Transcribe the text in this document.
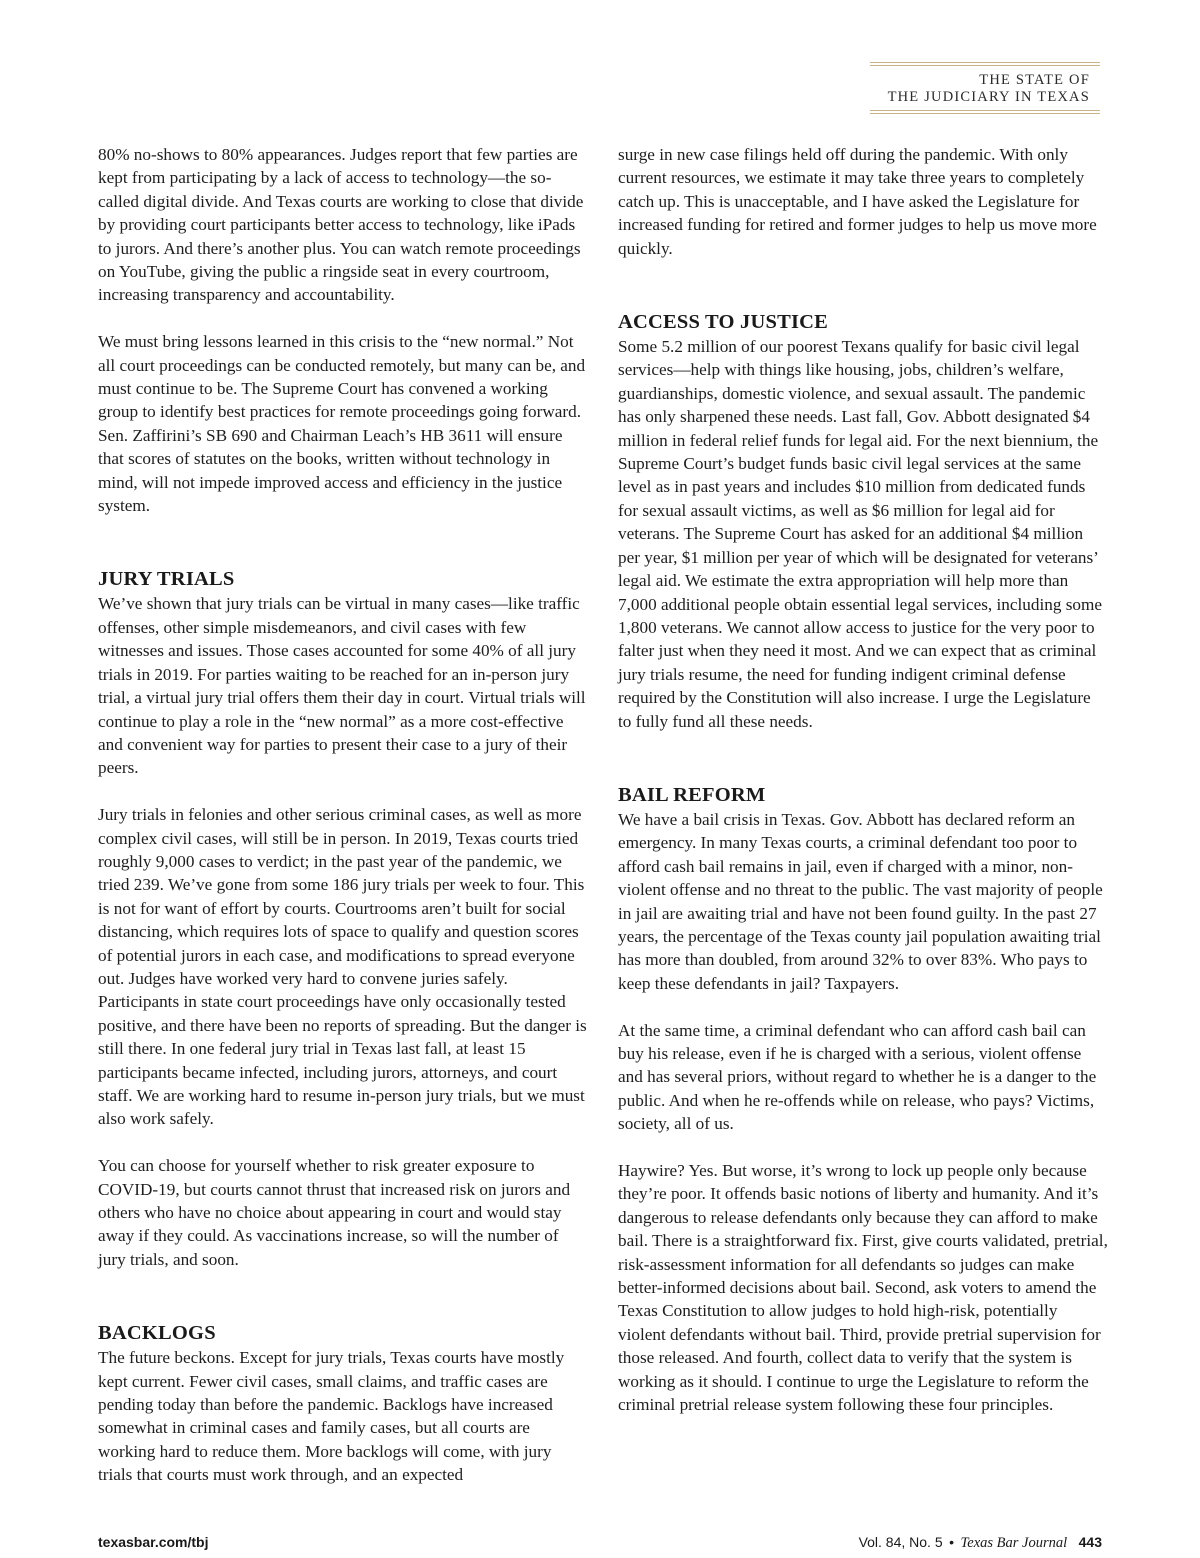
THE STATE OF
THE JUDICIARY IN TEXAS

80% no-shows to 80% appearances. Judges report that few parties are kept from participating by a lack of access to technology—the so-called digital divide. And Texas courts are working to close that divide by providing court participants better access to technology, like iPads to jurors. And there’s another plus. You can watch remote proceedings on YouTube, giving the public a ringside seat in every courtroom, increasing transparency and accountability.

We must bring lessons learned in this crisis to the “new normal.” Not all court proceedings can be conducted remotely, but many can be, and must continue to be. The Supreme Court has convened a working group to identify best practices for remote proceedings going forward. Sen. Zaffirini’s SB 690 and Chairman Leach’s HB 3611 will ensure that scores of statutes on the books, written without technology in mind, will not impede improved access and efficiency in the justice system.

JURY TRIALS

We’ve shown that jury trials can be virtual in many cases—like traffic offenses, other simple misdemeanors, and civil cases with few witnesses and issues. Those cases accounted for some 40% of all jury trials in 2019. For parties waiting to be reached for an in-person jury trial, a virtual jury trial offers them their day in court. Virtual trials will continue to play a role in the “new normal” as a more cost-effective and convenient way for parties to present their case to a jury of their peers.

Jury trials in felonies and other serious criminal cases, as well as more complex civil cases, will still be in person. In 2019, Texas courts tried roughly 9,000 cases to verdict; in the past year of the pandemic, we tried 239. We’ve gone from some 186 jury trials per week to four. This is not for want of effort by courts. Courtrooms aren’t built for social distancing, which requires lots of space to qualify and question scores of potential jurors in each case, and modifications to spread everyone out. Judges have worked very hard to convene juries safely. Participants in state court proceedings have only occasionally tested positive, and there have been no reports of spreading. But the danger is still there. In one federal jury trial in Texas last fall, at least 15 participants became infected, including jurors, attorneys, and court staff. We are working hard to resume in-person jury trials, but we must also work safely.

You can choose for yourself whether to risk greater exposure to COVID-19, but courts cannot thrust that increased risk on jurors and others who have no choice about appearing in court and would stay away if they could. As vaccinations increase, so will the number of jury trials, and soon.

BACKLOGS

The future beckons. Except for jury trials, Texas courts have mostly kept current. Fewer civil cases, small claims, and traffic cases are pending today than before the pandemic. Backlogs have increased somewhat in criminal cases and family cases, but all courts are working hard to reduce them. More backlogs will come, with jury trials that courts must work through, and an expected

surge in new case filings held off during the pandemic. With only current resources, we estimate it may take three years to completely catch up. This is unacceptable, and I have asked the Legislature for increased funding for retired and former judges to help us move more quickly.

ACCESS TO JUSTICE

Some 5.2 million of our poorest Texans qualify for basic civil legal services—help with things like housing, jobs, children’s welfare, guardianships, domestic violence, and sexual assault. The pandemic has only sharpened these needs. Last fall, Gov. Abbott designated $4 million in federal relief funds for legal aid. For the next biennium, the Supreme Court’s budget funds basic civil legal services at the same level as in past years and includes $10 million from dedicated funds for sexual assault victims, as well as $6 million for legal aid for veterans. The Supreme Court has asked for an additional $4 million per year, $1 million per year of which will be designated for veterans’ legal aid. We estimate the extra appropriation will help more than 7,000 additional people obtain essential legal services, including some 1,800 veterans. We cannot allow access to justice for the very poor to falter just when they need it most. And we can expect that as criminal jury trials resume, the need for funding indigent criminal defense required by the Constitution will also increase. I urge the Legislature to fully fund all these needs.

BAIL REFORM

We have a bail crisis in Texas. Gov. Abbott has declared reform an emergency. In many Texas courts, a criminal defendant too poor to afford cash bail remains in jail, even if charged with a minor, non-violent offense and no threat to the public. The vast majority of people in jail are awaiting trial and have not been found guilty. In the past 27 years, the percentage of the Texas county jail population awaiting trial has more than doubled, from around 32% to over 83%. Who pays to keep these defendants in jail? Taxpayers.

At the same time, a criminal defendant who can afford cash bail can buy his release, even if he is charged with a serious, violent offense and has several priors, without regard to whether he is a danger to the public. And when he re-offends while on release, who pays? Victims, society, all of us.

Haywire? Yes. But worse, it’s wrong to lock up people only because they’re poor. It offends basic notions of liberty and humanity. And it’s dangerous to release defendants only because they can afford to make bail. There is a straightforward fix. First, give courts validated, pretrial, risk-assessment information for all defendants so judges can make better-informed decisions about bail. Second, ask voters to amend the Texas Constitution to allow judges to hold high-risk, potentially violent defendants without bail. Third, provide pretrial supervision for those released. And fourth, collect data to verify that the system is working as it should. I continue to urge the Legislature to reform the criminal pretrial release system following these four principles.

texasbar.com/tbj	Vol. 84, No. 5 • Texas Bar Journal 443
